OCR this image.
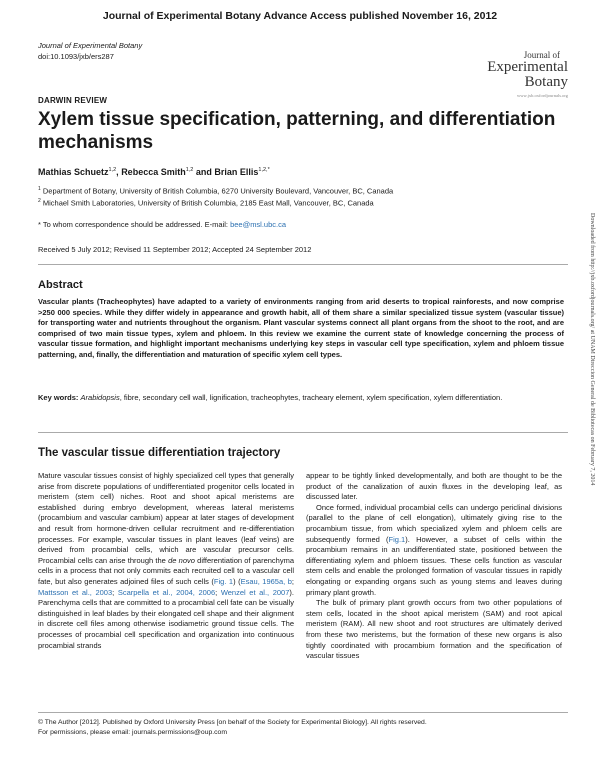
Journal of Experimental Botany Advance Access published November 16, 2012
Journal of Experimental Botany
doi:10.1093/jxb/ers287	Journal of
Experimental
Botany
www.jxb.oxfordjournals.org
DARWIN REVIEW
Xylem tissue specification, patterning, and differentiation mechanisms
Mathias Schuetz$^{1,2}$, Rebecca Smith$^{1,2}$ and Brian Ellis$^{1,2,*}$
$^1$ Department of Botany, University of British Columbia, 6270 University Boulevard, Vancouver, BC, Canada
$^2$ Michael Smith Laboratories, University of British Columbia, 2185 East Mall, Vancouver, BC, Canada
* To whom correspondence should be addressed. E-mail: bee@msl.ubc.ca
Received 5 July 2012; Revised 11 September 2012; Accepted 24 September 2012
Abstract
Vascular plants (Tracheophytes) have adapted to a variety of environments ranging from arid deserts to tropical rainforests, and now comprise >250 000 species. While they differ widely in appearance and growth habit, all of them share a similar specialized tissue system (vascular tissue) for transporting water and nutrients throughout the organism. Plant vascular systems connect all plant organs from the shoot to the root, and are comprised of two main tissue types, xylem and phloem. In this review we examine the current state of knowledge concerning the process of vascular tissue formation, and highlight important mechanisms underlying key steps in vascular cell type specification, xylem and phloem tissue patterning, and, finally, the differentiation and maturation of specific xylem cell types.
Key words: Arabidopsis, fibre, secondary cell wall, lignification, tracheophytes, tracheary element, xylem specification, xylem differentiation.
The vascular tissue differentiation trajectory

Mature vascular tissues consist of highly specialized cell types that generally arise from discrete populations of undifferentiated progenitor cells located in meristem (stem cell) niches. Root and shoot apical meristems are established during embryo development, whereas lateral meristems (procambium and vascular cambium) appear at later stages of development and result from hormone-driven cellular recruitment and re-differentiation processes. For example, vascular tissues in plant leaves (leaf veins) are derived from procambial cells, which are vascular precursor cells. Procambial cells can arise through the de novo differentiation of parenchyma cells in a process that not only commits each recruited cell to a vascular cell fate, but also generates adjoined files of such cells (Fig. 1) (Esau, 1965a, b; Mattsson et al., 2003; Scarpella et al., 2004, 2006; Wenzel et al., 2007). Parenchyma cells that are committed to a procambial cell fate can be visually distinguished in leaf blades by their elongated cell shape and their alignment in discrete cell files among otherwise isodiametric ground tissue cells. The processes of procambial cell specification and organization into continuous procambial strands

appear to be tightly linked developmentally, and both are thought to be the product of the canalization of auxin fluxes in the developing leaf, as discussed later.

Once formed, individual procambial cells can undergo periclinal divisions (parallel to the plane of cell elongation), ultimately giving rise to the procambium tissue, from which specialized xylem and phloem cells are subsequently formed (Fig.1). However, a subset of cells within the procambium remains in an undifferentiated state, positioned between the differentiating xylem and phloem tissues. These cells function as vascular stem cells and enable the prolonged formation of vascular tissues in rapidly elongating or expanding organs such as young stems and leaves during primary plant growth.

The bulk of primary plant growth occurs from two other populations of stem cells, located in the shoot apical meristem (SAM) and root apical meristem (RAM). All new shoot and root structures are ultimately derived from these two meristems, but the formation of these new organs is also tightly coordinated with procambium formation and the specification of vascular tissues

© The Author [2012]. Published by Oxford University Press [on behalf of the Society for Experimental Biology]. All rights reserved.
For permissions, please email: journals.permissions@oup.com
Downloaded from http://jxb.oxfordjournals.org/ at UNAM Direccion General de Bibliotecas on February 7, 2014
